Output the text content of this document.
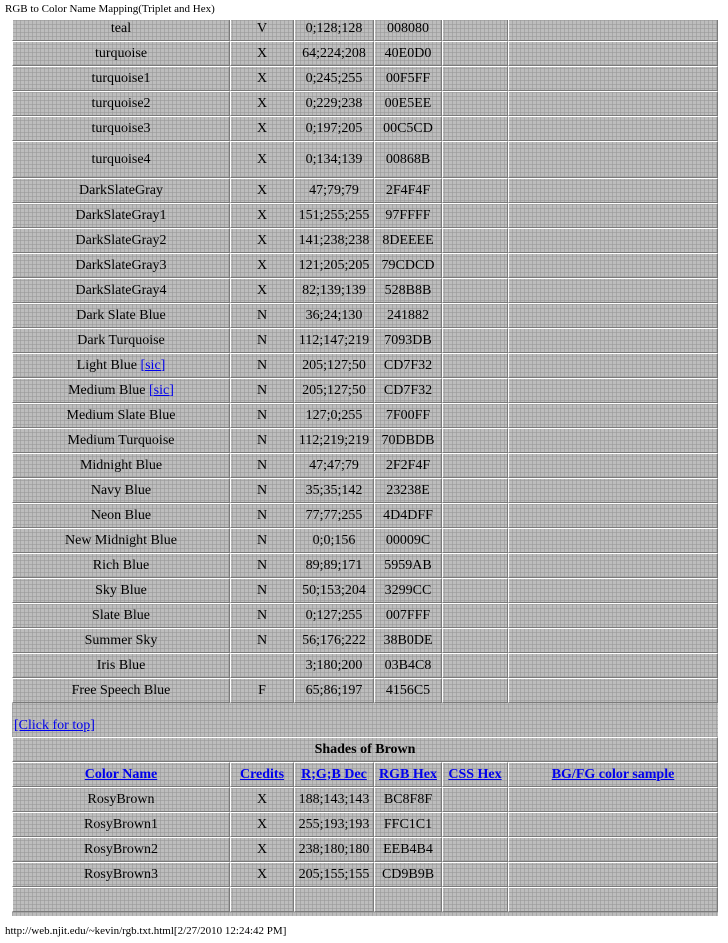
RGB to Color Name Mapping(Triplet and Hex)
teal	V	0;128;128	008080		

turquoise	X	64;224;208	40E0D0		

turquoise1	X	0;245;255	00F5FF		

turquoise2	X	0;229;238	00E5EE		

turquoise3	X	0;197;205	00C5CD		

turquoise4	X	0;134;139	00868B		

DarkSlateGray	X	47;79;79	2F4F4F		

DarkSlateGray1	X	151;255;255	97FFFF		

DarkSlateGray2	X	141;238;238	8DEEEE		

DarkSlateGray3	X	121;205;205	79CDCD		

DarkSlateGray4	X	82;139;139	528B8B		

Dark Slate Blue	N	36;24;130	241882		

Dark Turquoise	N	112;147;219	7093DB		

Light Blue [sic]	N	205;127;50	CD7F32		

Medium Blue [sic]	N	205;127;50	CD7F32		

Medium Slate Blue	N	127;0;255	7F00FF		

Medium Turquoise	N	112;219;219	70DBDB		

Midnight Blue	N	47;47;79	2F2F4F		

Navy Blue	N	35;35;142	23238E		

Neon Blue	N	77;77;255	4D4DFF		

New Midnight Blue	N	0;0;156	00009C		

Rich Blue	N	89;89;171	5959AB		

Sky Blue	N	50;153;204	3299CC		

Slate Blue	N	0;127;255	007FFF		

Summer Sky	N	56;176;222	38B0DE		

Iris Blue		3;180;200	03B4C8		

Free Speech Blue	F	65;86;197	4156C5		
[Click for top]
Shades of Brown					
Color Name	Credits	R;G;B Dec	RGB Hex	CSS Hex	BG/FG color sample
RosyBrown	X	188;143;143	BC8F8F		

RosyBrown1	X	255;193;193	FFC1C1		

RosyBrown2	X	238;180;180	EEB4B4		

RosyBrown3	X	205;155;155	CD9B9B		

http://web.njit.edu/~kevin/rgb.txt.html[2/27/2010 12:24:42 PM]
